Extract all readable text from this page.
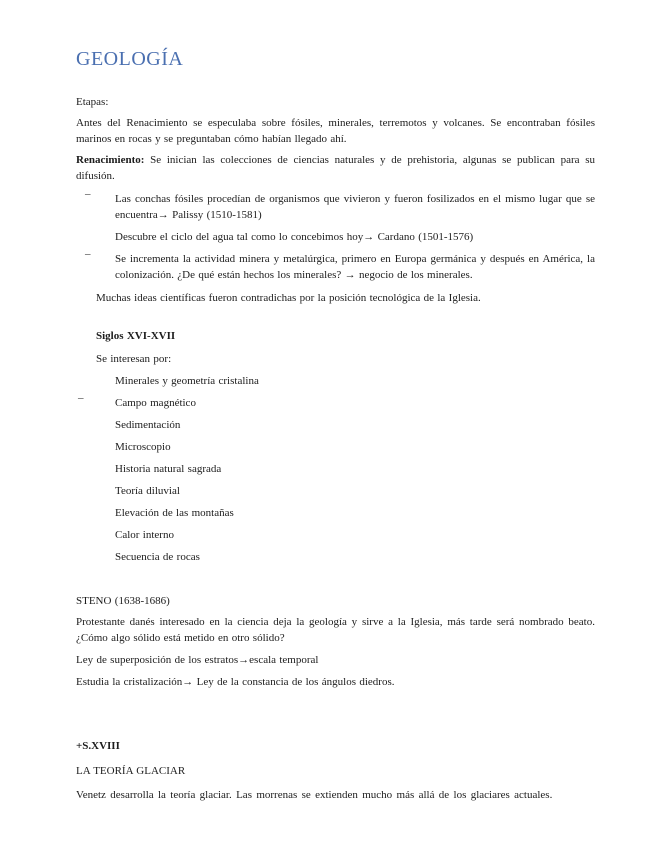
GEOLOGÍA

Etapas:

Antes del Renacimiento se especulaba sobre fósiles, minerales, terremotos y volcanes. Se encontraban fósiles marinos en rocas y se preguntaban cómo habían llegado ahí.

Renacimiento: Se inician las colecciones de ciencias naturales y de prehistoria, algunas se publican para su difusión.

– Las conchas fósiles procedían de organismos que vivieron y fueron fosilizados en el mismo lugar que se encuentra→ Palissy (1510-1581)

Descubre el ciclo del agua tal como lo concebimos hoy→ Cardano (1501-1576)

– Se incrementa la actividad minera y metalúrgica, primero en Europa germánica y después en América, la colonización. ¿De qué están hechos los minerales? → negocio de los minerales.

Muchas ideas científicas fueron contradichas por la posición tecnológica de la Iglesia.

Siglos XVI-XVII

Se interesan por:

Minerales y geometría cristalina

–	Campo magnético

Sedimentación

Microscopio

Historia natural sagrada

Teoría diluvial

Elevación de las montañas

Calor interno

Secuencia de rocas

STENO (1638-1686)

Protestante danés interesado en la ciencia deja la geología y sirve a la Iglesia, más tarde será nombrado beato. ¿Cómo algo sólido está metido en otro sólido?

Ley de superposición de los estratos→escala temporal

Estudia la cristalización→ Ley de la constancia de los ángulos diedros.

+S.XVIII

LA TEORÍA GLACIAR

Venetz desarrolla la teoría glaciar. Las morrenas se extienden mucho más allá de los glaciares actuales.
